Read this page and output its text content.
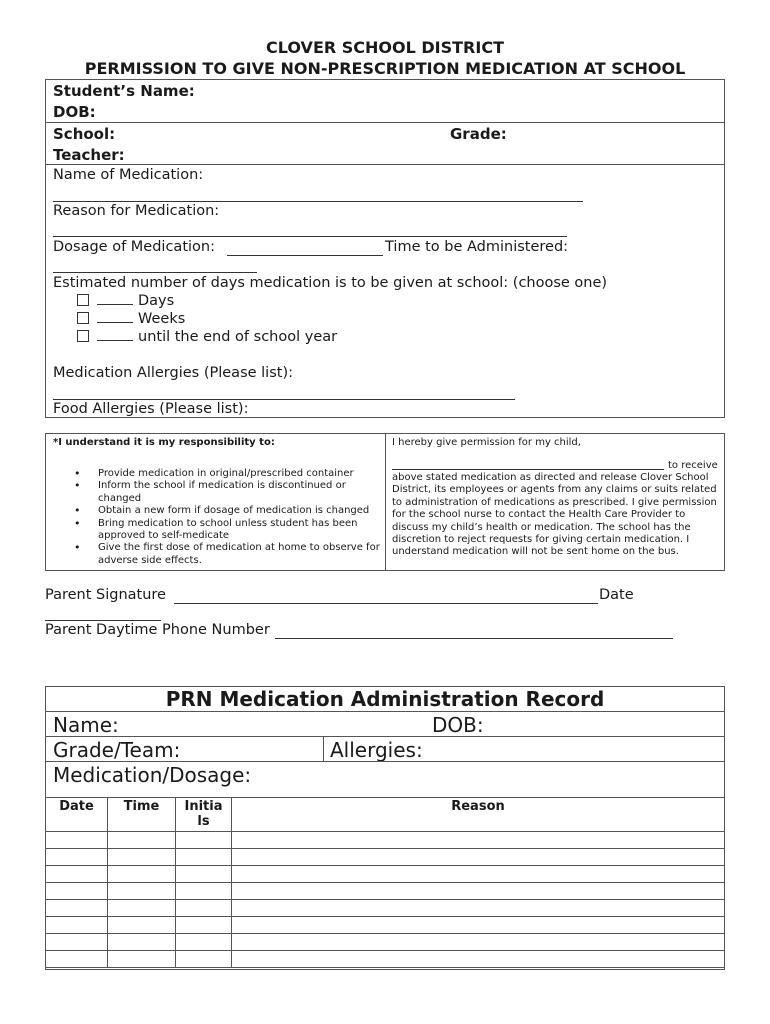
CLOVER SCHOOL DISTRICT
PERMISSION TO GIVE NON-PRESCRIPTION MEDICATION AT SCHOOL
Student’s Name:
DOB:
School:	Grade:
Teacher:
Name of Medication:
Reason for Medication:
Dosage of Medication:	Time to be Administered:
Estimated number of days medication is to be given at school: (choose one)
Days
Weeks
until the end of school year
Medication Allergies (Please list):
Food Allergies (Please list):
*I understand it is my responsibility to:
• Provide medication in original/prescribed container
• Inform the school if medication is discontinued or changed
• Obtain a new form if dosage of medication is changed
• Bring medication to school unless student has been approved to self-medicate
• Give the first dose of medication at home to observe for adverse side effects.
I hereby give permission for my child,
to receive
above stated medication as directed and release Clover School District, its employees or agents from any claims or suits related to administration of medications as prescribed. I give permission for the school nurse to contact the Health Care Provider to discuss my child’s health or medication. The school has the discretion to reject requests for giving certain medication. I understand medication will not be sent home on the bus.
Parent Signature	Date
Parent Daytime Phone Number
PRN Medication Administration Record
Name:	DOB:
Grade/Team:	Allergies:
Medication/Dosage:
Date	Time	Initia ls	Reason
